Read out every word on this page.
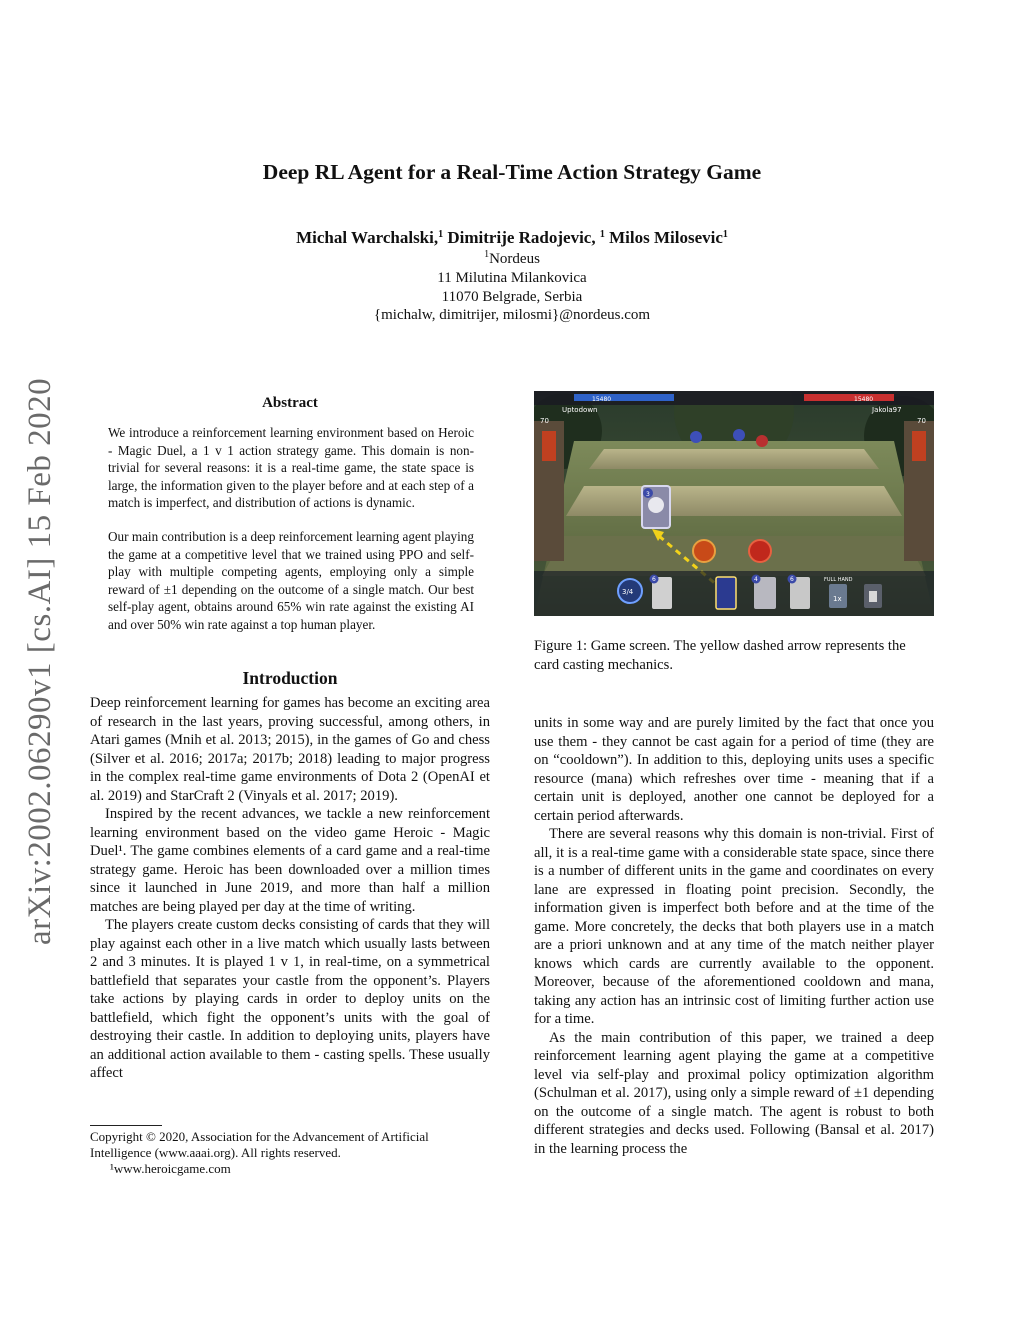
arXiv:2002.06290v1 [cs.AI] 15 Feb 2020
Deep RL Agent for a Real-Time Action Strategy Game
Michal Warchalski,$^1$ Dimitrije Radojevic, $^1$ Milos Milosevic$^1$
$^1$Nordeus
11 Milutina Milankovica
11070 Belgrade, Serbia
{michalw, dimitrijer, milosmi}@nordeus.com
Abstract
We introduce a reinforcement learning environment based on Heroic - Magic Duel, a 1 v 1 action strategy game. This domain is non-trivial for several reasons: it is a real-time game, the state space is large, the information given to the player before and at each step of a match is imperfect, and distribution of actions is dynamic.
Our main contribution is a deep reinforcement learning agent playing the game at a competitive level that we trained using PPO and self-play with multiple competing agents, employing only a simple reward of ±1 depending on the outcome of a single match. Our best self-play agent, obtains around 65% win rate against the existing AI and over 50% win rate against a top human player.
Introduction

Deep reinforcement learning for games has become an exciting area of research in the last years, proving successful, among others, in Atari games (Mnih et al. 2013; 2015), in the games of Go and chess (Silver et al. 2016; 2017a; 2017b; 2018) leading to major progress in the complex real-time game environments of Dota 2 (OpenAI et al. 2019) and StarCraft 2 (Vinyals et al. 2017; 2019).

Inspired by the recent advances, we tackle a new reinforcement learning environment based on the video game Heroic - Magic Duel¹. The game combines elements of a card game and a real-time strategy game. Heroic has been downloaded over a million times since it launched in June 2019, and more than half a million matches are being played per day at the time of writing.

The players create custom decks consisting of cards that they will play against each other in a live match which usually lasts between 2 and 3 minutes. It is played 1 v 1, in real-time, on a symmetrical battlefield that separates your castle from the opponent’s. Players take actions by playing cards in order to deploy units on the battlefield, which fight the opponent’s units with the goal of destroying their castle. In addition to deploying units, players have an additional action available to them - casting spells. These usually affect

Copyright © 2020, Association for the Advancement of Artificial Intelligence (www.aaai.org). All rights reserved.
¹www.heroicgame.com
15480	15480
Uptodown	Jakola97
70	70
3
3/4
6	4	6	FULL HAND
1x
Figure 1: Game screen. The yellow dashed arrow represents the card casting mechanics.

units in some way and are purely limited by the fact that once you use them - they cannot be cast again for a period of time (they are on “cooldown”). In addition to this, deploying units uses a specific resource (mana) which refreshes over time - meaning that if a certain unit is deployed, another one cannot be deployed for a certain period afterwards.

There are several reasons why this domain is non-trivial. First of all, it is a real-time game with a considerable state space, since there is a number of different units in the game and coordinates on every lane are expressed in floating point precision. Secondly, the information given is imperfect both before and at the time of the game. More concretely, the decks that both players use in a match are a priori unknown and at any time of the match neither player knows which cards are currently available to the opponent. Moreover, because of the aforementioned cooldown and mana, taking any action has an intrinsic cost of limiting further action use for a time.

As the main contribution of this paper, we trained a deep reinforcement learning agent playing the game at a competitive level via self-play and proximal policy optimization algorithm (Schulman et al. 2017), using only a simple reward of ±1 depending on the outcome of a single match. The agent is robust to both different strategies and decks used. Following (Bansal et al. 2017) in the learning process the
